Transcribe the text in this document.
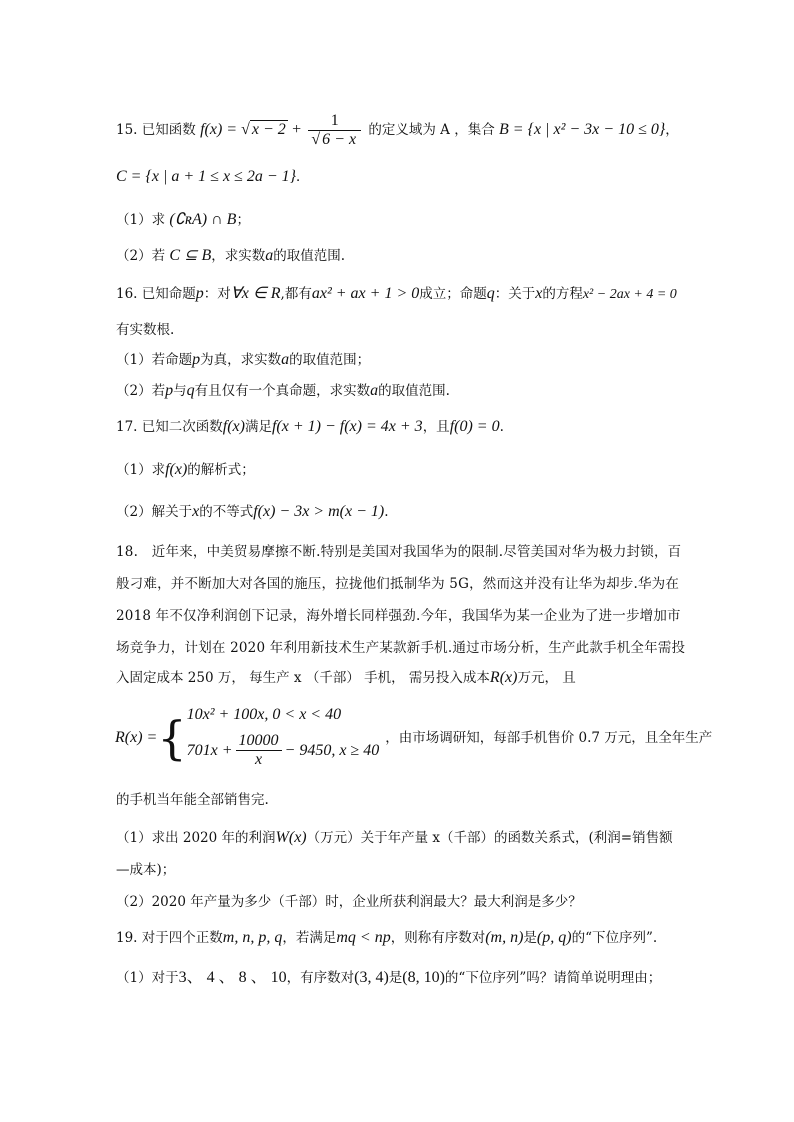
15. 已知函数 f(x) = √ $x - 2 + \frac{1}{√ 6 - x}$ 的定义域为 A ，集合 B = {x | x² − 3x − 10 ≤ 0}，
C = {x | a + 1 ≤ x ≤ 2a − 1}．
（1）求 (∁ʀA) ∩ B；
（2）若 C ⊆ B，求实数a的取值范围.
16. 已知命题p：对∀x ∈ R,都有ax² + ax + 1 > 0成立；命题q：关于x的方程x² − 2ax + 4 = 0
有实数根.
（1）若命题p为真，求实数a的取值范围；
（2）若p与q有且仅有一个真命题，求实数a的取值范围.
17. 已知二次函数f(x)满足f(x + 1) − f(x) = 4x + 3，且f(0) = 0.
（1）求f(x)的解析式；
（2）解关于x的不等式f(x) − 3x > m(x − 1).
18.　近年来，中美贸易摩擦不断.特别是美国对我国华为的限制.尽管美国对华为极力封锁，百
般刁难，并不断加大对各国的施压，拉拢他们抵制华为 5G，然而这并没有让华为却步.华为在
2018 年不仅净利润创下记录，海外增长同样强劲.今年，我国华为某一企业为了进一步增加市
场竞争力，计划在 2020 年利用新技术生产某款新手机.通过市场分析，生产此款手机全年需投
入固定成本 250 万， 每生产 x （千部） 手机， 需另投入成本R(x)万元， 且
R(x) = { 10x² + 100x, 0 < x < 40
$701x + \frac{10000}{x} - 9450$, x ≥ 40
，由市场调研知，每部手机售价 0.7 万元，且全年生产
的手机当年能全部销售完.
（1）求出 2020 年的利润W(x)（万元）关于年产量 x（千部）的函数关系式，(利润=销售额
—成本)；
（2）2020 年产量为多少（千部）时，企业所获利润最大？最大利润是多少？
19. 对于四个正数m, n, p, q，若满足mq < np，则称有序数对(m, n)是(p, q)的“下位序列”.
（1）对于3、 4 、 8 、 10，有序数对(3, 4)是(8, 10)的“下位序列”吗？请简单说明理由；
